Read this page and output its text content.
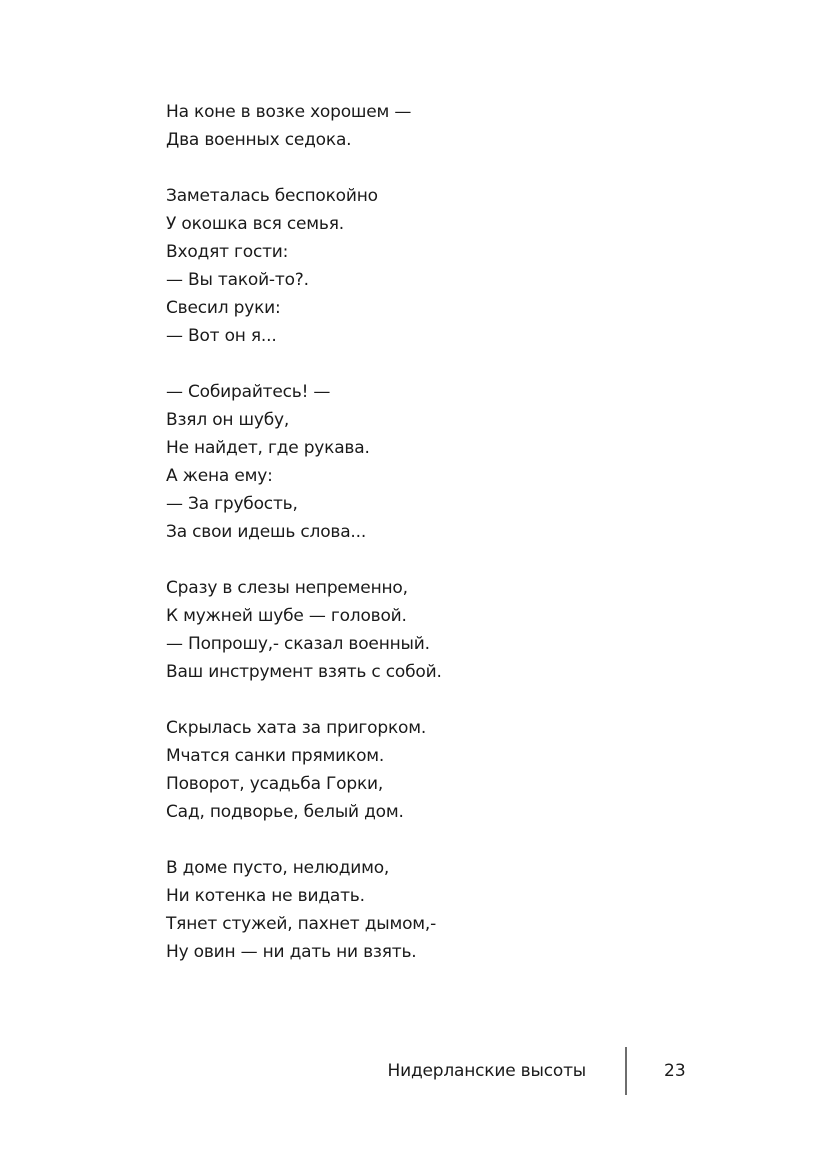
На коне в возке хорошем —
Два военных седока.
Заметалась беспокойно
У окошка вся семья.
Входят гости:
— Вы такой-то?.
Свесил руки:
— Вот он я...
— Собирайтесь! —
Взял он шубу,
Не найдет, где рукава.
А жена ему:
— За грубость,
За свои идешь слова...
Сразу в слезы непременно,
К мужней шубе — головой.
— Попрошу,- сказал военный.
Ваш инструмент взять с собой.
Скрылась хата за пригорком.
Мчатся санки прямиком.
Поворот, усадьба Горки,
Сад, подворье, белый дом.
В доме пусто, нелюдимо,
Ни котенка не видать.
Тянет стужей, пахнет дымом,-
Ну овин — ни дать ни взять.
Нидерланские высоты	23
